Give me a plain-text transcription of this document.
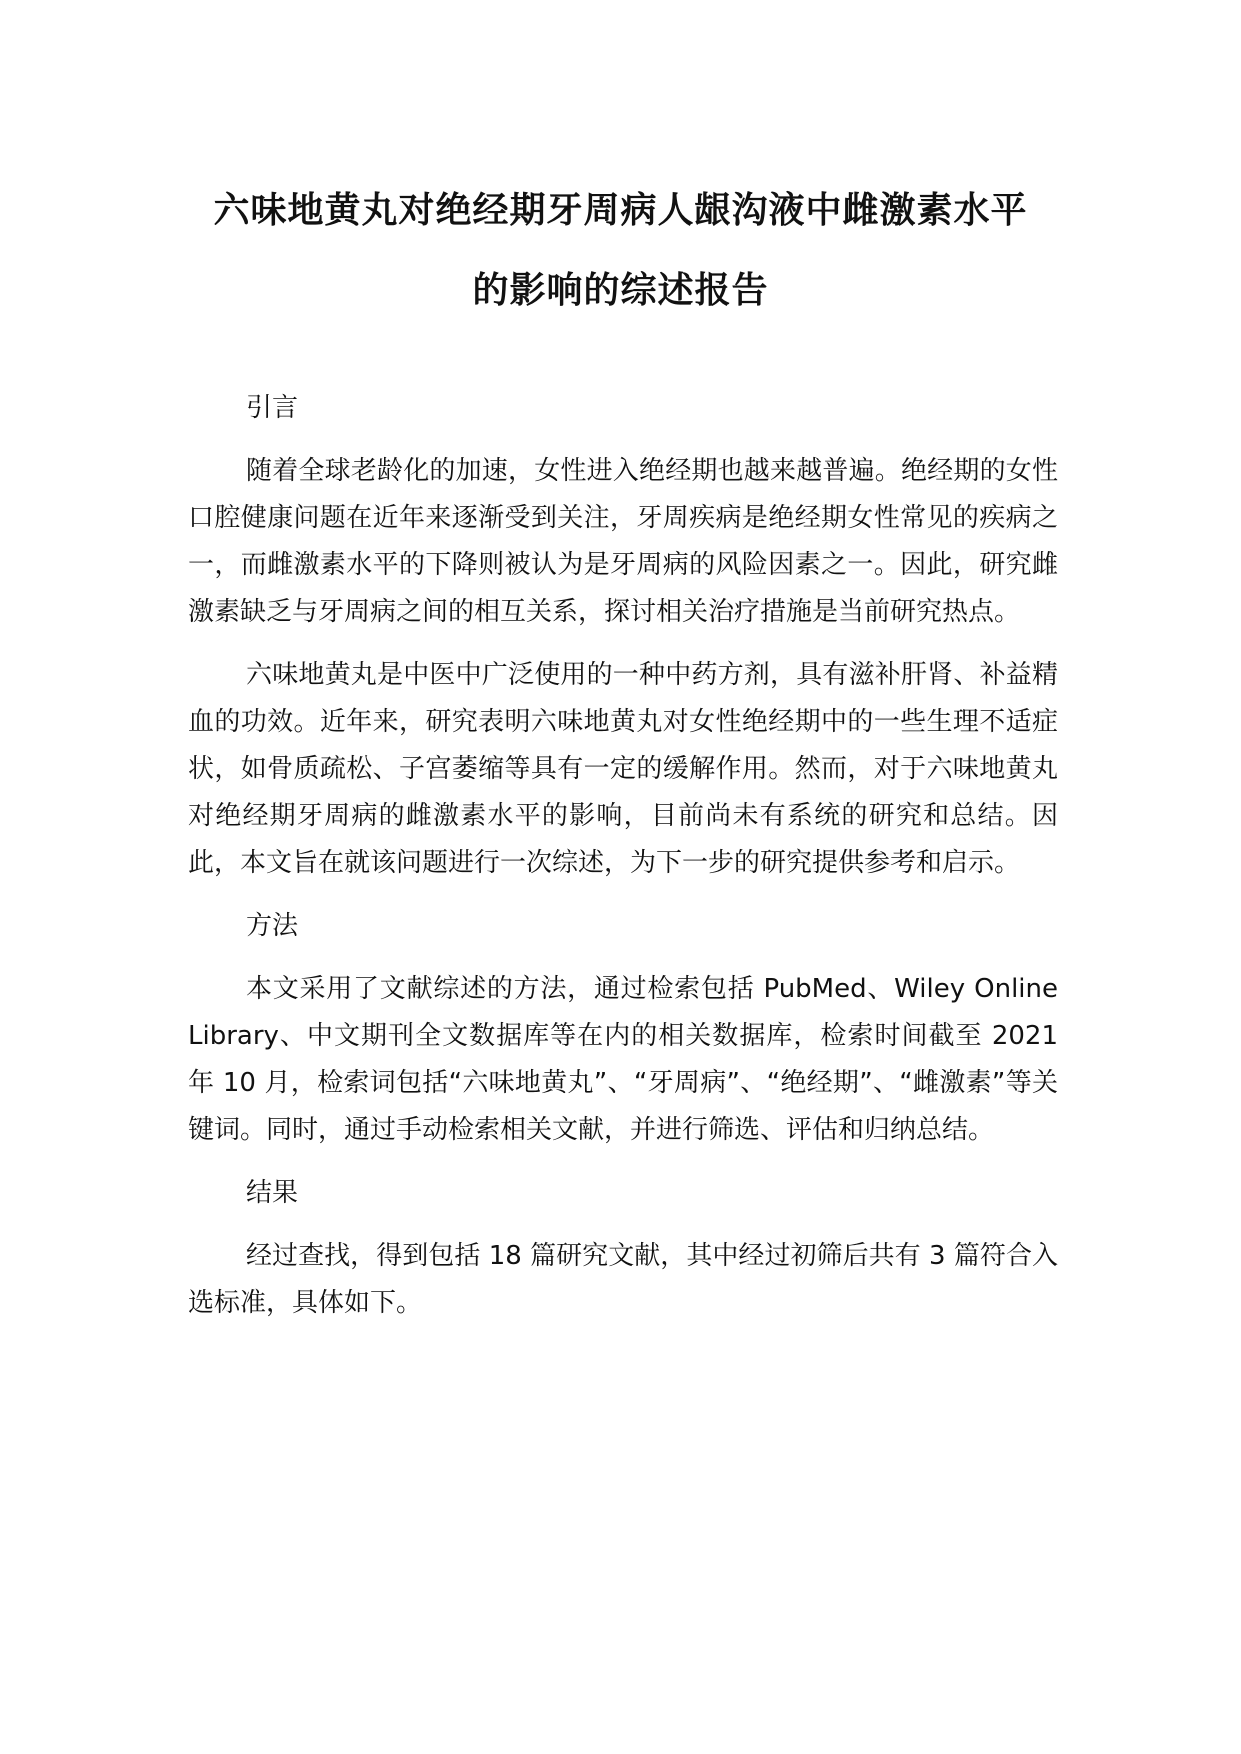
六味地黄丸对绝经期牙周病人龈沟液中雌激素水平
的影响的综述报告

引言

随着全球老龄化的加速，女性进入绝经期也越来越普遍。绝经期的女性口腔健康问题在近年来逐渐受到关注，牙周疾病是绝经期女性常见的疾病之一，而雌激素水平的下降则被认为是牙周病的风险因素之一。因此，研究雌激素缺乏与牙周病之间的相互关系，探讨相关治疗措施是当前研究热点。

六味地黄丸是中医中广泛使用的一种中药方剂，具有滋补肝肾、补益精血的功效。近年来，研究表明六味地黄丸对女性绝经期中的一些生理不适症状，如骨质疏松、子宫萎缩等具有一定的缓解作用。然而，对于六味地黄丸对绝经期牙周病的雌激素水平的影响，目前尚未有系统的研究和总结。因此，本文旨在就该问题进行一次综述，为下一步的研究提供参考和启示。

方法

本文采用了文献综述的方法，通过检索包括 PubMed、Wiley Online Library、中文期刊全文数据库等在内的相关数据库，检索时间截至 2021 年 10 月，检索词包括“六味地黄丸”、“牙周病”、“绝经期”、“雌激素”等关键词。同时，通过手动检索相关文献，并进行筛选、评估和归纳总结。

结果

经过查找，得到包括 18 篇研究文献，其中经过初筛后共有 3 篇符合入选标准，具体如下。
